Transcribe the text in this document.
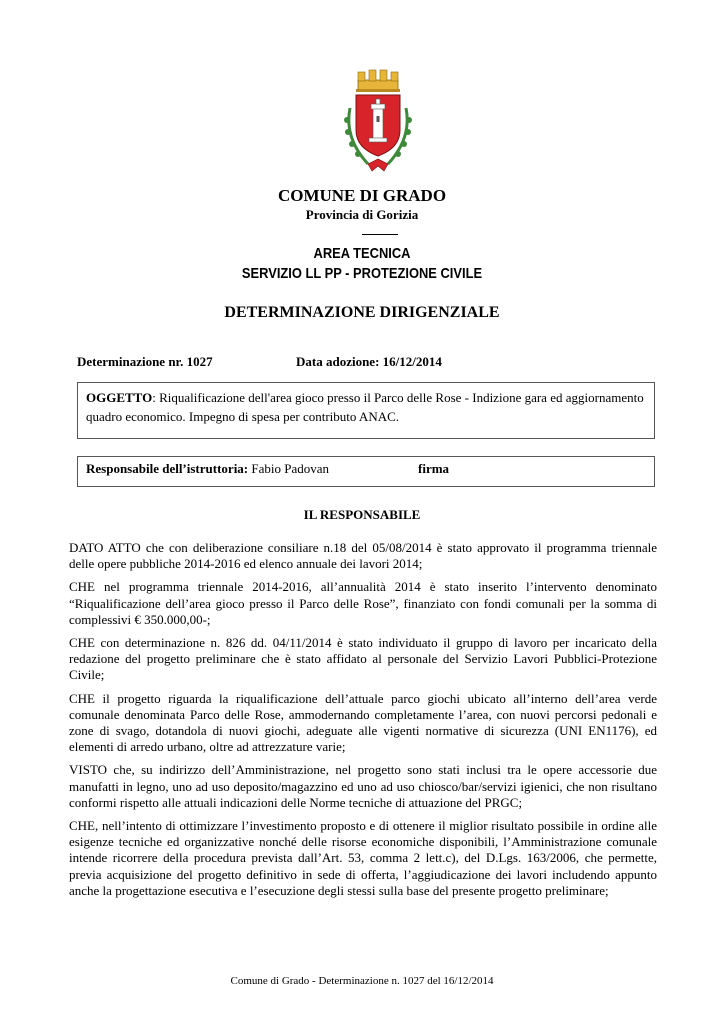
COMUNE DI GRADO
Provincia di Gorizia
AREA TECNICA
SERVIZIO LL PP - PROTEZIONE CIVILE
DETERMINAZIONE DIRIGENZIALE
Determinazione nr. 1027	Data adozione: 16/12/2014
OGGETTO: Riqualificazione dell'area gioco presso il Parco delle Rose - Indizione gara ed aggiornamento quadro economico. Impegno di spesa per contributo ANAC.
Responsabile dell’istruttoria: Fabio Padovan	firma
IL RESPONSABILE

DATO ATTO che con deliberazione consiliare n.18 del 05/08/2014 è stato approvato il programma triennale delle opere pubbliche 2014-2016 ed elenco annuale dei lavori 2014;

CHE nel programma triennale 2014-2016, all’annualità 2014 è stato inserito l’intervento denominato “Riqualificazione dell’area gioco presso il Parco delle Rose”, finanziato con fondi comunali per la somma di complessivi € 350.000,00-;

CHE con determinazione n. 826 dd. 04/11/2014 è stato individuato il gruppo di lavoro per incaricato della redazione del progetto preliminare che è stato affidato al personale del Servizio Lavori Pubblici-Protezione Civile;

CHE il progetto riguarda la riqualificazione dell’attuale parco giochi ubicato all’interno dell’area verde comunale denominata Parco delle Rose, ammodernando completamente l’area, con nuovi percorsi pedonali e zone di svago, dotandola di nuovi giochi, adeguate alle vigenti normative di sicurezza (UNI EN1176), ed elementi di arredo urbano, oltre ad attrezzature varie;

VISTO che, su indirizzo dell’Amministrazione, nel progetto sono stati inclusi tra le opere accessorie due manufatti in legno, uno ad uso deposito/magazzino ed uno ad uso chiosco/bar/servizi igienici, che non risultano conformi rispetto alle attuali indicazioni delle Norme tecniche di attuazione del PRGC;

CHE, nell’intento di ottimizzare l’investimento proposto e di ottenere il miglior risultato possibile in ordine alle esigenze tecniche ed organizzative nonché delle risorse economiche disponibili, l’Amministrazione comunale intende ricorrere della procedura prevista dall’Art. 53, comma 2 lett.c), del D.Lgs. 163/2006, che permette, previa acquisizione del progetto definitivo in sede di offerta, l’aggiudicazione dei lavori includendo appunto anche la progettazione esecutiva e l’esecuzione degli stessi sulla base del presente progetto preliminare;

Comune di Grado - Determinazione n. 1027 del 16/12/2014
